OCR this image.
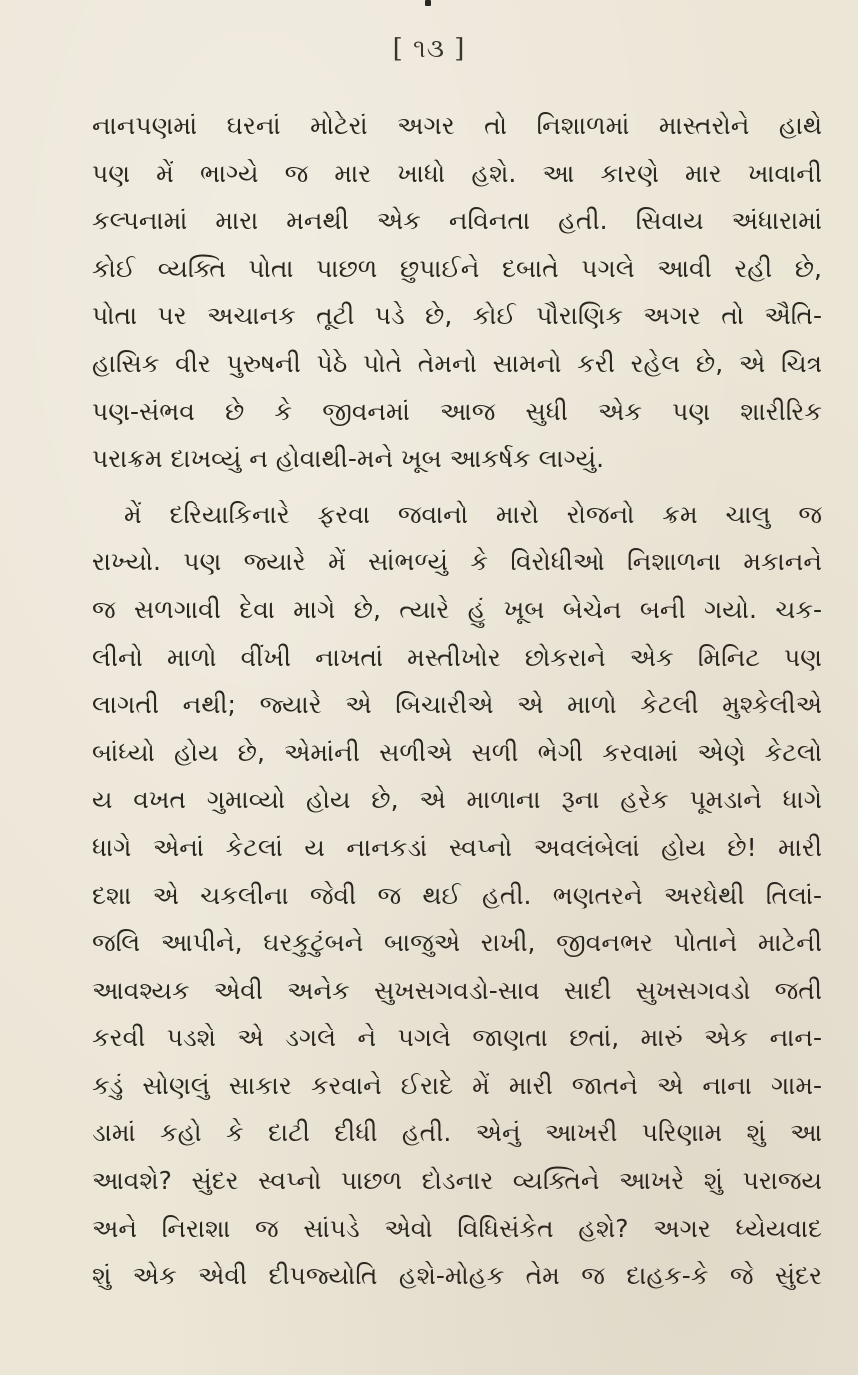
[ ૧૩ ]
નાનપણમાં ઘરનાં મોટેરાં અગર તો નિશાળમાં માસ્તરોને હાથે
પણ મેં ભાગ્યે જ માર ખાધો હશે. આ કારણે માર ખાવાની
કલ્પનામાં મારા મનથી એક નવિનતા હતી. સિવાય અંધારામાં
કોઈ વ્યક્તિ પોતા પાછળ છુપાઈને દબાતે પગલે આવી રહી છે,
પોતા પર અચાનક તૂટી પડે છે, કોઈ પૌરાણિક અગર તો ઐતિ-
હાસિક વીર પુરુષની પેઠે પોતે તેમનો સામનો કરી રહેલ છે, એ ચિત્ર
પણ-સંભવ છે કે જીવનમાં આજ સુધી એક પણ શારીરિક
પરાક્રમ દાખવ્યું ન હોવાથી-મને ખૂબ આકર્ષક લાગ્યું.
મેં દરિયાકિનારે ફરવા જવાનો મારો રોજનો ક્રમ ચાલુ જ
રાખ્યો. પણ જ્યારે મેં સાંભળ્યું કે વિરોધીઓ નિશાળના મકાનને
જ સળગાવી દેવા માગે છે, ત્યારે હું ખૂબ બેચેન બની ગયો. ચક-
લીનો માળો વીંખી નાખતાં મસ્તીખોર છોકરાને એક મિનિટ પણ
લાગતી નથી; જ્યારે એ બિચારીએ એ માળો કેટલી મુશ્કેલીએ
બાંધ્યો હોય છે, એમાંની સળીએ સળી ભેગી કરવામાં એણે કેટલો
ય વખત ગુમાવ્યો હોય છે, એ માળાના રૂના હરેક પૂમડાને ધાગે
ધાગે એનાં કેટલાં ય નાનકડાં સ્વપ્નો અવલંબેલાં હોય છે! મારી
દશા એ ચકલીના જેવી જ થઈ હતી. ભણતરને અરધેથી તિલાં-
જલિ આપીને, ઘરકુટુંબને બાજુએ રાખી, જીવનભર પોતાને માટેની
આવશ્યક એવી અનેક સુખસગવડો-સાવ સાદી સુખસગવડો જતી
કરવી પડશે એ ડગલે ને પગલે જાણતા છતાં, મારું એક નાન-
કડું સોણલું સાકાર કરવાને ઈરાદે મેં મારી જાતને એ નાના ગામ-
ડામાં કહો કે દાટી દીધી હતી. એનું આખરી પરિણામ શું આ
આવશે? સુંદર સ્વપ્નો પાછળ દોડનાર વ્યક્તિને આખરે શું પરાજય
અને નિરાશા જ સાંપડે એવો વિધિસંકેત હશે? અગર ધ્યેયવાદ
શું એક એવી દીપજ્યોતિ હશે-મોહક તેમ જ દાહક-કે જે સુંદર
